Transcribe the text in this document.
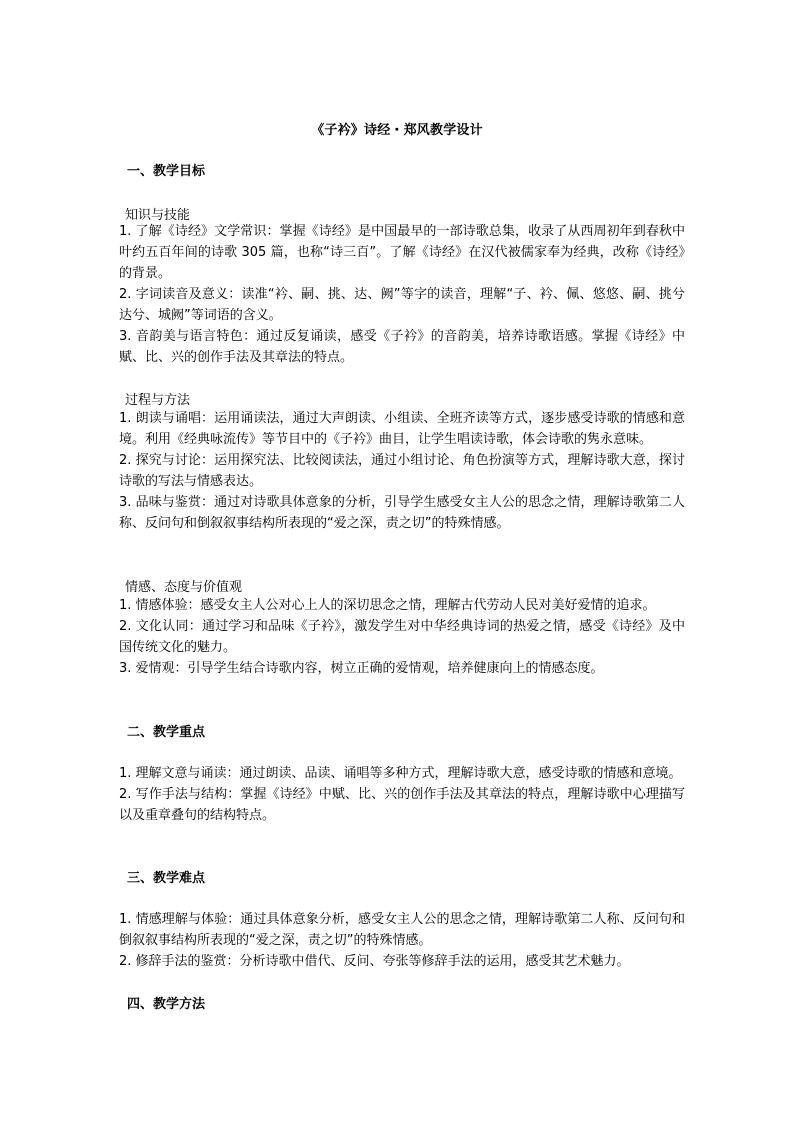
《子衿》诗经・郑风教学设计
一、教学目标
知识与技能

1. 了解《诗经》文学常识：掌握《诗经》是中国最早的一部诗歌总集，收录了从西周初年到春秋中叶约五百年间的诗歌 305 篇，也称“诗三百”。了解《诗经》在汉代被儒家奉为经典，改称《诗经》的背景。

2. 字词读音及意义：读准“衿、嗣、挑、达、阙”等字的读音，理解“子、衿、佩、悠悠、嗣、挑兮达兮、城阙”等词语的含义。

3. 音韵美与语言特色：通过反复诵读，感受《子衿》的音韵美，培养诗歌语感。掌握《诗经》中赋、比、兴的创作手法及其章法的特点。

过程与方法

1. 朗读与诵唱：运用诵读法，通过大声朗读、小组读、全班齐读等方式，逐步感受诗歌的情感和意境。利用《经典咏流传》等节目中的《子衿》曲目，让学生唱读诗歌，体会诗歌的隽永意味。

2. 探究与讨论：运用探究法、比较阅读法，通过小组讨论、角色扮演等方式，理解诗歌大意，探讨诗歌的写法与情感表达。

3. 品味与鉴赏：通过对诗歌具体意象的分析，引导学生感受女主人公的思念之情，理解诗歌第二人称、反问句和倒叙叙事结构所表现的“爱之深，责之切”的特殊情感。

情感、态度与价值观

1. 情感体验：感受女主人公对心上人的深切思念之情，理解古代劳动人民对美好爱情的追求。

2. 文化认同：通过学习和品味《子衿》，激发学生对中华经典诗词的热爱之情，感受《诗经》及中国传统文化的魅力。

3. 爱情观：引导学生结合诗歌内容，树立正确的爱情观，培养健康向上的情感态度。

二、教学重点

1. 理解文意与诵读：通过朗读、品读、诵唱等多种方式，理解诗歌大意，感受诗歌的情感和意境。

2. 写作手法与结构：掌握《诗经》中赋、比、兴的创作手法及其章法的特点，理解诗歌中心理描写以及重章叠句的结构特点。

三、教学难点

1. 情感理解与体验：通过具体意象分析，感受女主人公的思念之情，理解诗歌第二人称、反问句和倒叙叙事结构所表现的“爱之深，责之切”的特殊情感。

2. 修辞手法的鉴赏：分析诗歌中借代、反问、夸张等修辞手法的运用，感受其艺术魅力。

四、教学方法
